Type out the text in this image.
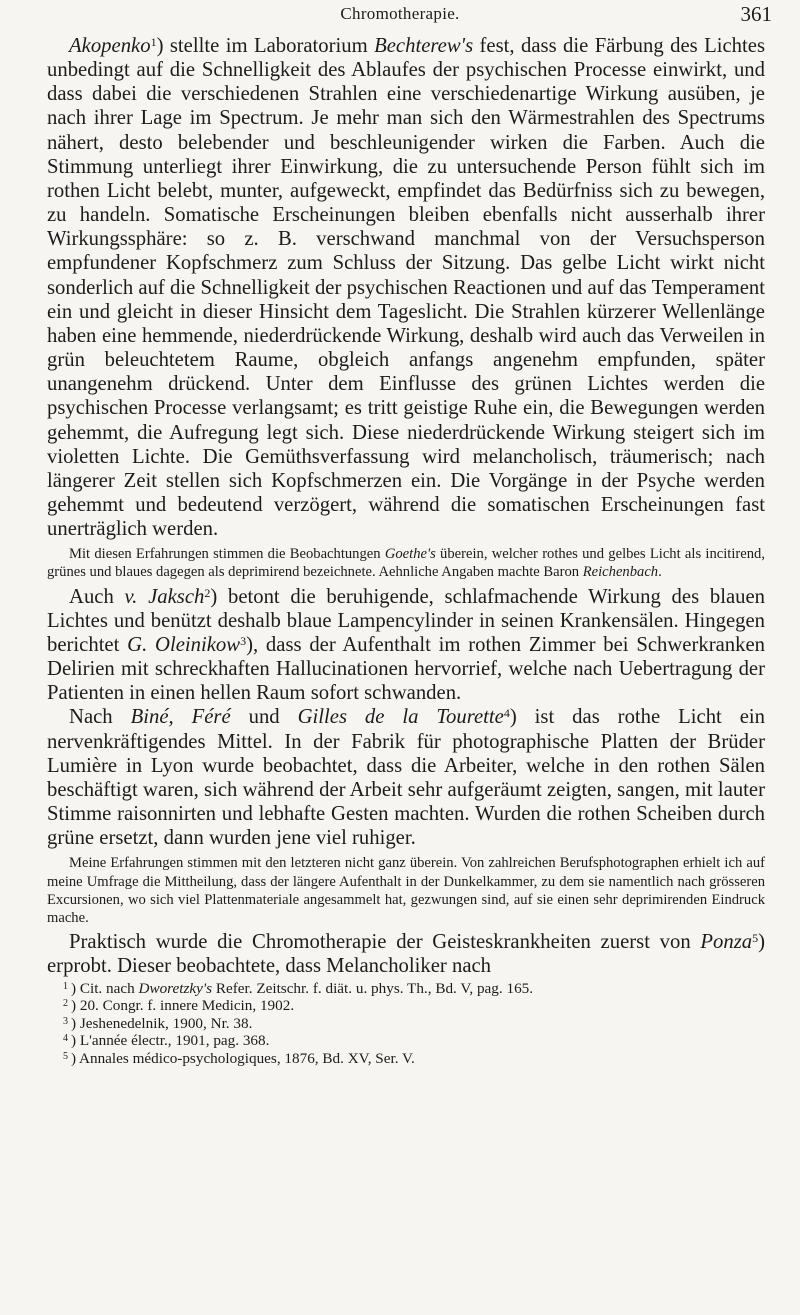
Chromotherapie.	361

Akopenko$^1$) stellte im Laboratorium Bechterew's fest, dass die Färbung des Lichtes unbedingt auf die Schnelligkeit des Ablaufes der psychischen Processe einwirkt, und dass dabei die verschiedenen Strahlen eine verschiedenartige Wirkung ausüben, je nach ihrer Lage im Spectrum. Je mehr man sich den Wärmestrahlen des Spectrums nähert, desto belebender und beschleunigender wirken die Farben. Auch die Stimmung unterliegt ihrer Einwirkung, die zu untersuchende Person fühlt sich im rothen Licht belebt, munter, aufgeweckt, empfindet das Bedürfniss sich zu bewegen, zu handeln. Somatische Erscheinungen bleiben ebenfalls nicht ausserhalb ihrer Wirkungssphäre: so z. B. verschwand manchmal von der Versuchsperson empfundener Kopfschmerz zum Schluss der Sitzung. Das gelbe Licht wirkt nicht sonderlich auf die Schnelligkeit der psychischen Reactionen und auf das Temperament ein und gleicht in dieser Hinsicht dem Tageslicht. Die Strahlen kürzerer Wellenlänge haben eine hemmende, niederdrückende Wirkung, deshalb wird auch das Verweilen in grün beleuchtetem Raume, obgleich anfangs angenehm empfunden, später unangenehm drückend. Unter dem Einflusse des grünen Lichtes werden die psychischen Processe verlangsamt; es tritt geistige Ruhe ein, die Bewegungen werden gehemmt, die Aufregung legt sich. Diese niederdrückende Wirkung steigert sich im violetten Lichte. Die Gemüthsverfassung wird melancholisch, träumerisch; nach längerer Zeit stellen sich Kopfschmerzen ein. Die Vorgänge in der Psyche werden gehemmt und bedeutend verzögert, während die somatischen Erscheinungen fast unerträglich werden.

Mit diesen Erfahrungen stimmen die Beobachtungen Goethe's überein, welcher rothes und gelbes Licht als incitirend, grünes und blaues dagegen als deprimirend bezeichnete. Aehnliche Angaben machte Baron Reichenbach.

Auch v. Jaksch$^2$) betont die beruhigende, schlafmachende Wirkung des blauen Lichtes und benützt deshalb blaue Lampencylinder in seinen Krankensälen. Hingegen berichtet G. Oleinikow$^3$), dass der Aufenthalt im rothen Zimmer bei Schwerkranken Delirien mit schreckhaften Hallucinationen hervorrief, welche nach Uebertragung der Patienten in einen hellen Raum sofort schwanden.

Nach Biné, Féré und Gilles de la Tourette$^4$) ist das rothe Licht ein nervenkräftigendes Mittel. In der Fabrik für photographische Platten der Brüder Lumière in Lyon wurde beobachtet, dass die Arbeiter, welche in den rothen Sälen beschäftigt waren, sich während der Arbeit sehr aufgeräumt zeigten, sangen, mit lauter Stimme raisonnirten und lebhafte Gesten machten. Wurden die rothen Scheiben durch grüne ersetzt, dann wurden jene viel ruhiger.

Meine Erfahrungen stimmen mit den letzteren nicht ganz überein. Von zahlreichen Berufsphotographen erhielt ich auf meine Umfrage die Mittheilung, dass der längere Aufenthalt in der Dunkelkammer, zu dem sie namentlich nach grösseren Excursionen, wo sich viel Plattenmateriale angesammelt hat, gezwungen sind, auf sie einen sehr deprimirenden Eindruck mache.

Praktisch wurde die Chromotherapie der Geisteskrankheiten zuerst von Ponza$^5$) erprobt. Dieser beobachtete, dass Melancholiker nach

$^1$ ) Cit. nach Dworetzky's Refer. Zeitschr. f. diät. u. phys. Th., Bd. V, pag. 165.

$^2$ ) 20. Congr. f. innere Medicin, 1902.

$^3$ ) Jeshenedelnik, 1900, Nr. 38.

$^4$ ) L'année électr., 1901, pag. 368.

$^5$ ) Annales médico-psychologiques, 1876, Bd. XV, Ser. V.
